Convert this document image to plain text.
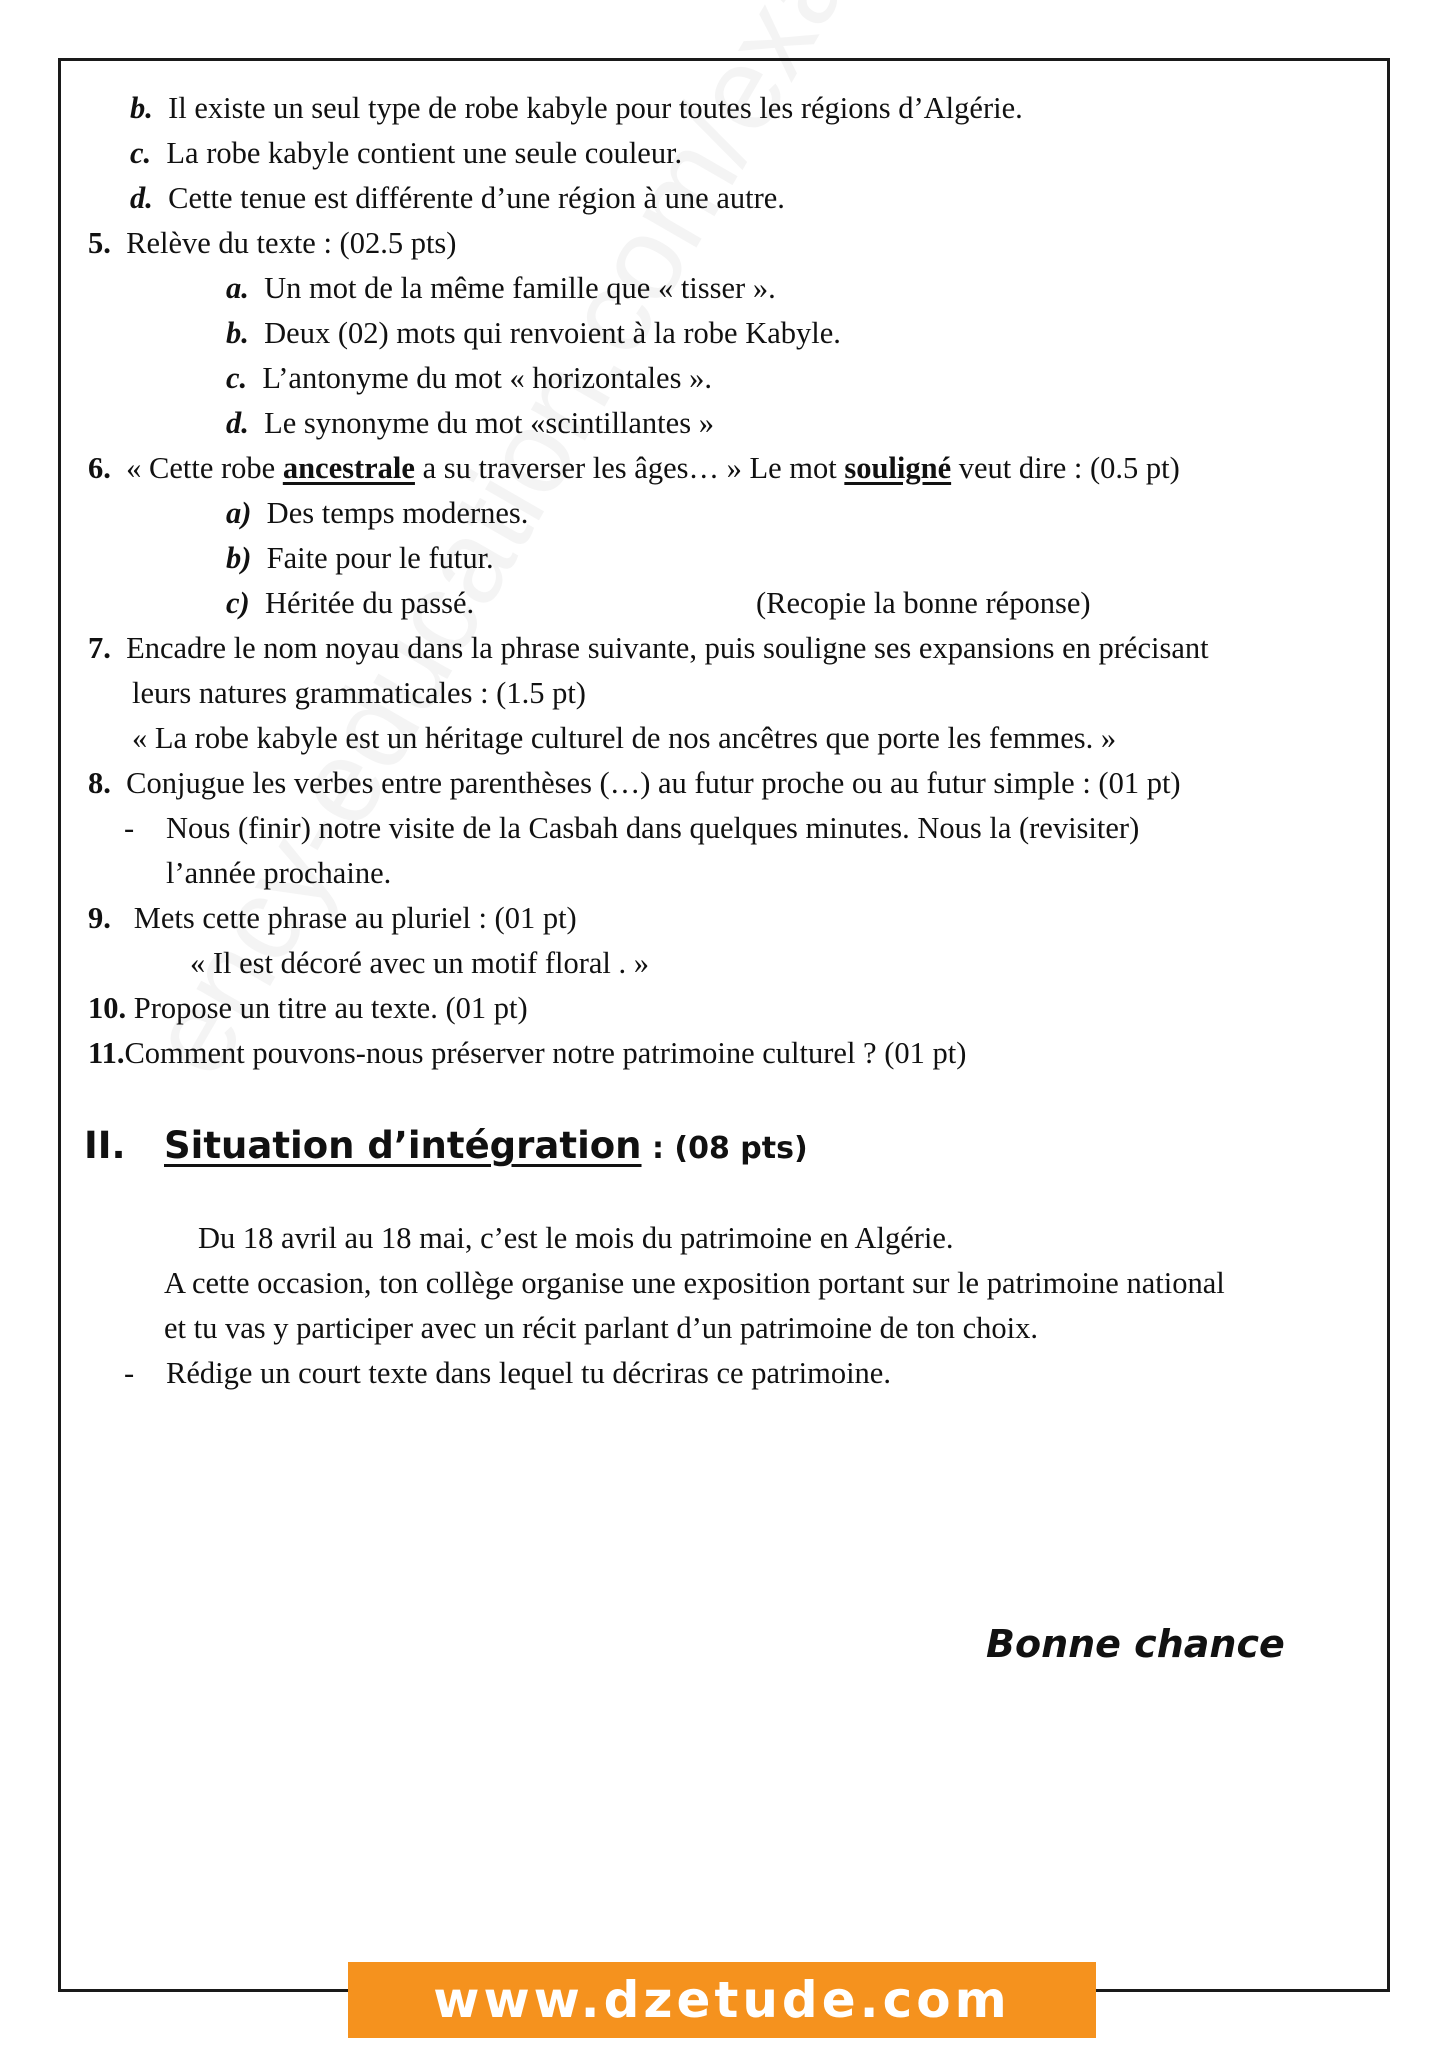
b. Il existe un seul type de robe kabyle pour toutes les régions d’Algérie.
c. La robe kabyle contient une seule couleur.
d. Cette tenue est différente d’une région à une autre.
5. Relève du texte : (02.5 pts)
a. Un mot de la même famille que « tisser ».
b. Deux (02) mots qui renvoient à la robe Kabyle.
c. L’antonyme du mot « horizontales ».
d. Le synonyme du mot «scintillantes »
6. « Cette robe ancestrale a su traverser les âges… » Le mot souligné veut dire : (0.5 pt)
a) Des temps modernes.
b)  Faite pour le futur.
c) Héritée du passé.	(Recopie la bonne réponse)
7. Encadre le nom noyau dans la phrase suivante, puis souligne ses expansions en précisant
leurs natures grammaticales : (1.5 pt)
« La robe kabyle est un héritage culturel de nos ancêtres que porte les femmes. »
8. Conjugue les verbes entre parenthèses (…) au futur proche ou au futur simple : (01 pt)
- Nous (finir) notre visite de la Casbah dans quelques minutes. Nous la (revisiter)
l’année prochaine.
9. Mets cette phrase au pluriel : (01 pt)
« Il est décoré avec un motif floral . »
10. Propose un titre au texte. (01 pt)
11.Comment pouvons-nous préserver notre patrimoine culturel ? (01 pt)
II. Situation d’intégration : (08 pts)
Du 18 avril au 18 mai, c’est le mois du patrimoine en Algérie.
A cette occasion, ton collège organise une exposition portant sur le patrimoine national
et tu vas y participer avec un récit parlant d’un patrimoine de ton choix.
- Rédige un court texte dans lequel tu décriras ce patrimoine.
Bonne chance
www.dzetude.com
